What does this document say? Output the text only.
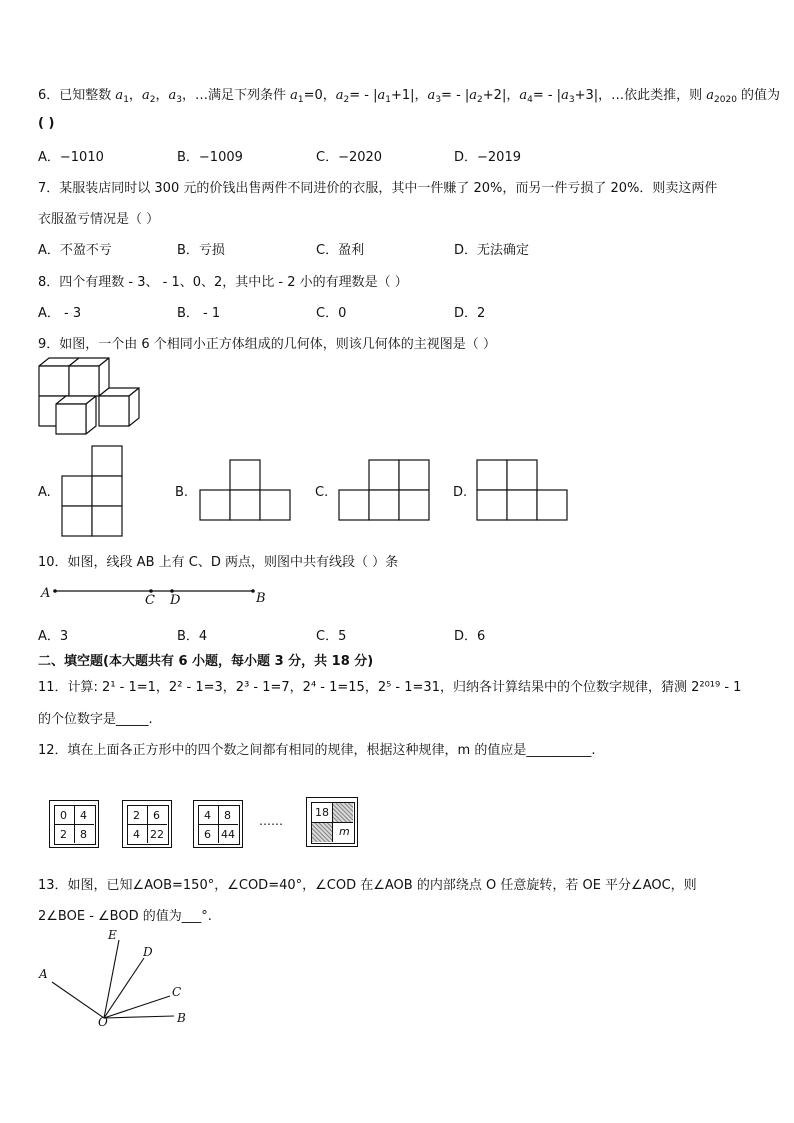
6．已知整数 $a_1$，$a_2$，$a_3$，…满足下列条件 $a_1=0$，$a_2= - |a_1+1|$，$a_3= - |a_2+2|$，$a_4= - |a_3+3|$，…依此类推，则 $a_{2020}$ 的值为
( )
A．−1010	B．−1009	C．−2020	D．−2019
7．某服装店同时以 300 元的价钱出售两件不同进价的衣服，其中一件赚了 20%，而另一件亏损了 20%．则卖这两件
衣服盈亏情况是（ ）
A．不盈不亏	B．亏损	C．盈利	D．无法确定
8．四个有理数 - 3、 - 1、0、2，其中比 - 2 小的有理数是（ ）
A． - 3	B． - 1	C．0	D．2
9．如图，一个由 6 个相同小正方体组成的几何体，则该几何体的主视图是（ ）
A.	B.	C.	D.
10．如图，线段 AB 上有 C、D 两点，则图中共有线段（ ）条
A	C D	B
A．3	B．4	C．5	D．6
二、填空题(本大题共有 6 小题，每小题 3 分，共 18 分)
11．计算: 2¹ - 1=1，2² - 1=3，2³ - 1=7，2⁴ - 1=15，2⁵ - 1=31，归纳各计算结果中的个位数字规律，猜测 2²⁰¹⁹ - 1
的个位数字是_____.
12．填在上面各正方形中的四个数之间都有相同的规律，根据这种规律，m 的值应是__________.
0 4
2 8
2 6
4 22
4 8
6 44
……
18
m
13．如图，已知∠AOB=150°，∠COD=40°，∠COD 在∠AOB 的内部绕点 O 任意旋转，若 OE 平分∠AOC，则
2∠BOE - ∠BOD 的值为___°.
E
D
A
C
O	B
